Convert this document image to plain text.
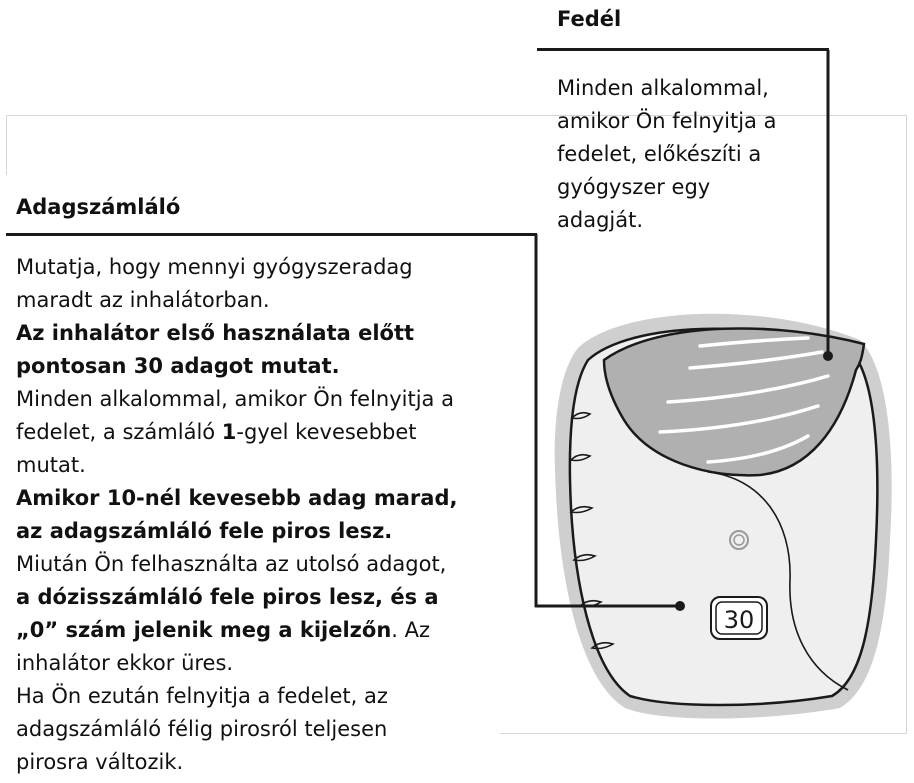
Fedél
Minden alkalommal,
amikor Ön felnyitja a
fedelet, előkészíti a
gyógyszer egy
adagját.
Adagszámláló
Mutatja, hogy mennyi gyógyszeradag
maradt az inhalátorban.
Az inhalátor első használata előtt
pontosan 30 adagot mutat.
Minden alkalommal, amikor Ön felnyitja a
fedelet, a számláló 1-gyel kevesebbet
mutat.
Amikor 10-nél kevesebb adag marad,
az adagszámláló fele piros lesz.
Miután Ön felhasználta az utolsó adagot,
a dózisszámláló fele piros lesz, és a
„0” szám jelenik meg a kijelzőn. Az
inhalátor ekkor üres.
Ha Ön ezután felnyitja a fedelet, az
adagszámláló félig pirosról teljesen
pirosra változik.
30
